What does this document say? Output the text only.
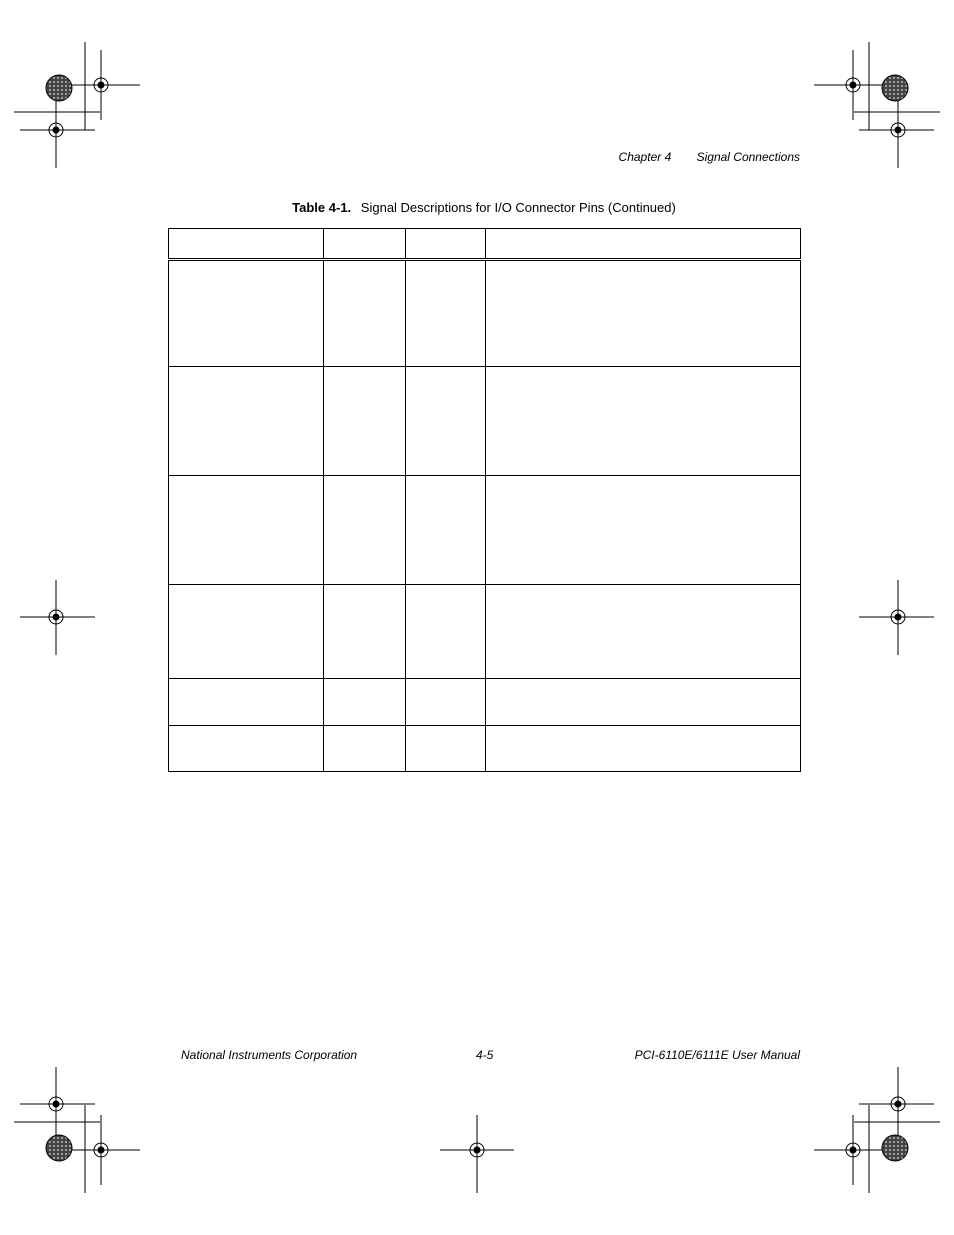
Chapter 4 Signal Connections
Table 4-1. Signal Descriptions for I/O Connector Pins (Continued)

National Instruments Corporation	4-5	PCI-6110E/6111E User Manual
